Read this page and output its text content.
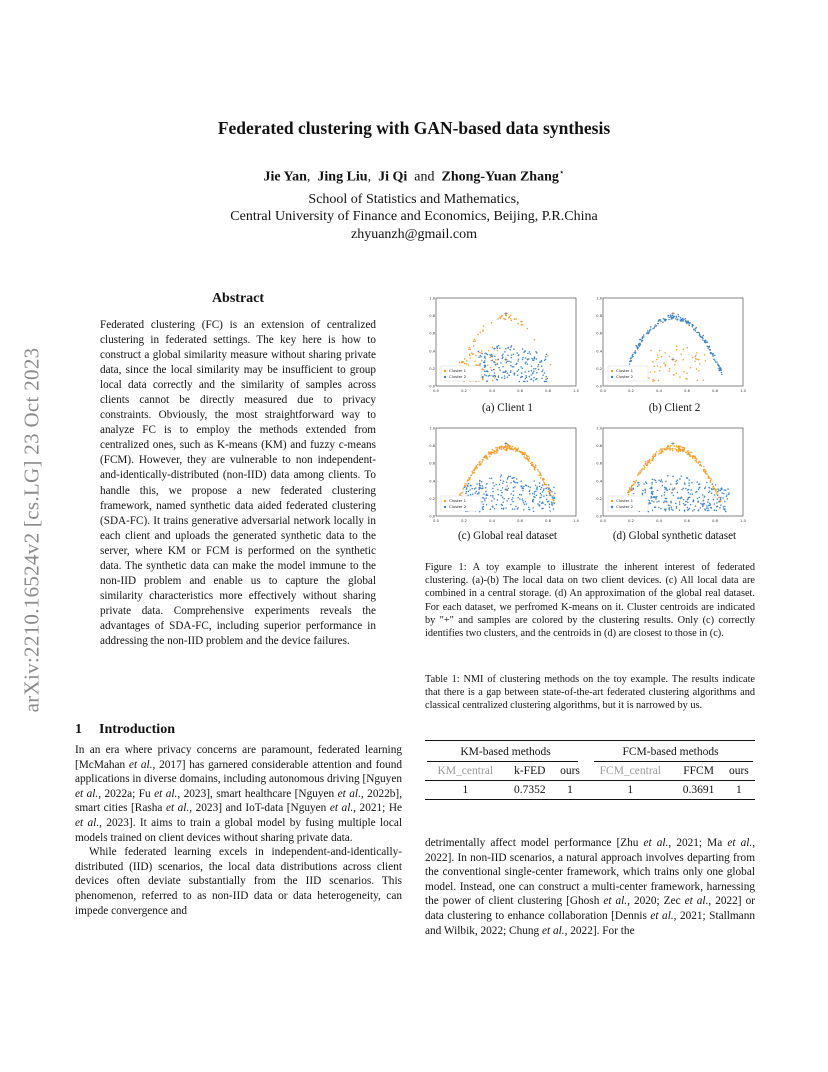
Federated clustering with GAN-based data synthesis
Jie Yan,  Jing Liu,  Ji Qi and Zhong-Yuan Zhang⋆
School of Statistics and Mathematics,
Central University of Finance and Economics, Beijing, P.R.China
zhyuanzh@gmail.com
arXiv:2210.16524v2 [cs.LG] 23 Oct 2023
Abstract
Federated clustering (FC) is an extension of centralized clustering in federated settings. The key here is how to construct a global similarity measure without sharing private data, since the local similarity may be insufficient to group local data correctly and the similarity of samples across clients cannot be directly measured due to privacy constraints. Obviously, the most straightforward way to analyze FC is to employ the methods extended from centralized ones, such as K-means (KM) and fuzzy c-means (FCM). However, they are vulnerable to non independent-and-identically-distributed (non-IID) data among clients. To handle this, we propose a new federated clustering framework, named synthetic data aided federated clustering (SDA-FC). It trains generative adversarial network locally in each client and uploads the generated synthetic data to the server, where KM or FCM is performed on the synthetic data. The synthetic data can make the model immune to the non-IID problem and enable us to capture the global similarity characteristics more effectively without sharing private data. Comprehensive experiments reveals the advantages of SDA-FC, including superior performance in addressing the non-IID problem and the device failures.
1 Introduction

In an era where privacy concerns are paramount, federated learning [McMahan et al., 2017] has garnered considerable attention and found applications in diverse domains, including autonomous driving [Nguyen et al., 2022a; Fu et al., 2023], smart healthcare [Nguyen et al., 2022b], smart cities [Rasha et al., 2023] and IoT-data [Nguyen et al., 2021; He et al., 2023]. It aims to train a global model by fusing multiple local models trained on client devices without sharing private data.

While federated learning excels in independent-and-identically-distributed (IID) scenarios, the local data distributions across client devices often deviate substantially from the IID scenarios. This phenomenon, referred to as non-IID data or data heterogeneity, can impede convergence and

detrimentally affect model performance [Zhu et al., 2021; Ma et al., 2022]. In non-IID scenarios, a natural approach involves departing from the conventional single-center framework, which trains only one global model. Instead, one can construct a multi-center framework, harnessing the power of client clustering [Ghosh et al., 2020; Zec et al., 2022] or data clustering to enhance collaboration [Dennis et al., 2021; Stallmann and Wilbik, 2022; Chung et al., 2022]. For the
0.0
0.2
0.4
0.6
0.8
1.0
0.0	0.2	0.4	0.6	0.8	1.0
+
+
Cluster 1
Cluster 2
0.0
0.2
0.4
0.6
0.8
1.0
0.0	0.2	0.4	0.6	0.8	1.0
+
+
Cluster 1
Cluster 2
0.0
0.2
0.4
0.6
0.8
1.0
0.0	0.2	0.4	0.6	0.8	1.0
+
+
Cluster 1
Cluster 2
0.0
0.2
0.4
0.6
0.8
1.0
0.0	0.2	0.4	0.6	0.8	1.0
+
+
Cluster 1
Cluster 2
(a) Client 1	(b) Client 2
(c) Global real dataset	(d) Global synthetic dataset
Figure 1: A toy example to illustrate the inherent interest of federated clustering. (a)-(b) The local data on two client devices. (c) All local data are combined in a central storage. (d) An approximation of the global real dataset. For each dataset, we perfromed K-means on it. Cluster centroids are indicated by "+" and samples are colored by the clustering results. Only (c) correctly identifies two clusters, and the centroids in (d) are closest to those in (c).
Table 1: NMI of clustering methods on the toy example. The results indicate that there is a gap between state-of-the-art federated clustering algorithms and classical centralized clustering algorithms, but it is narrowed by us.
KM-based methods			FCM-based methods		

KM_central	k-FED	ours	FCM_central	FFCM	ours
1	0.7352	1	1	0.3691	1
